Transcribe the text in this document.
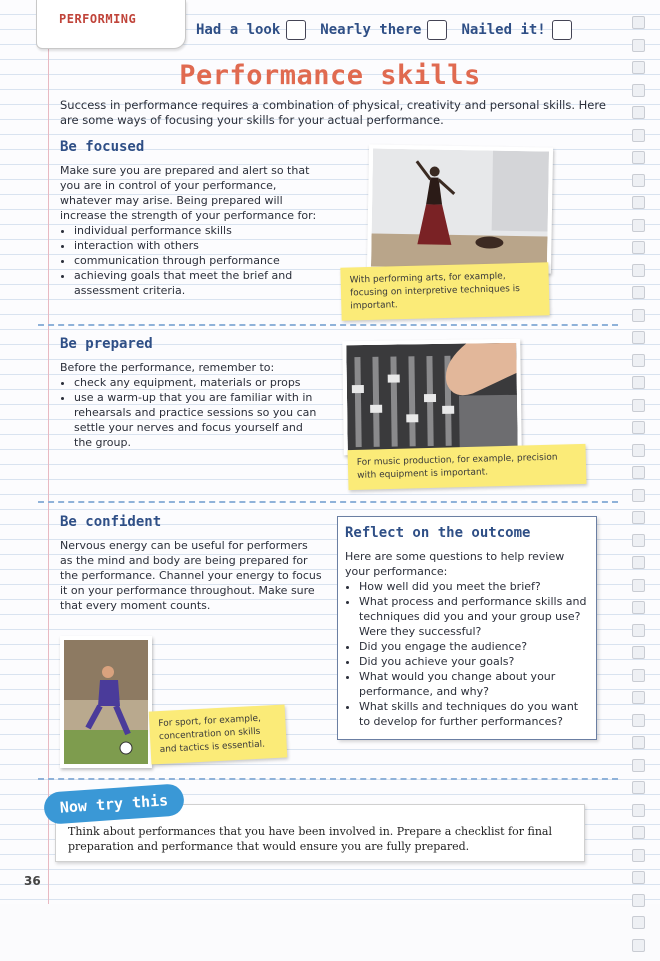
PERFORMING
Had a look	Nearly there	Nailed it!
Performance skills
Success in performance requires a combination of physical, creativity and personal skills. Here are some ways of focusing your skills for your actual performance.
Be focused
Make sure you are prepared and alert so that you are in control of your performance, whatever may arise. Being prepared will increase the strength of your performance for:
• individual performance skills
• interaction with others
• communication through performance
• achieving goals that meet the brief and assessment criteria.
With performing arts, for example, focusing on interpretive techniques is important.
Be prepared
Before the performance, remember to:
• check any equipment, materials or props
• use a warm-up that you are familiar with in rehearsals and practice sessions so you can settle your nerves and focus yourself and the group.
For music production, for example, precision with equipment is important.
Be confident
Nervous energy can be useful for performers as the mind and body are being prepared for the performance. Channel your energy to focus it on your performance throughout. Make sure that every moment counts.
For sport, for example, concentration on skills and tactics is essential.
Reflect on the outcome
Here are some questions to help review your performance:
• How well did you meet the brief?
• What process and performance skills and techniques did you and your group use? Were they successful?
• Did you engage the audience?
• Did you achieve your goals?
• What would you change about your performance, and why?
• What skills and techniques do you want to develop for further performances?
Now try this
Think about performances that you have been involved in. Prepare a checklist for final preparation and performance that would ensure you are fully prepared.
36
